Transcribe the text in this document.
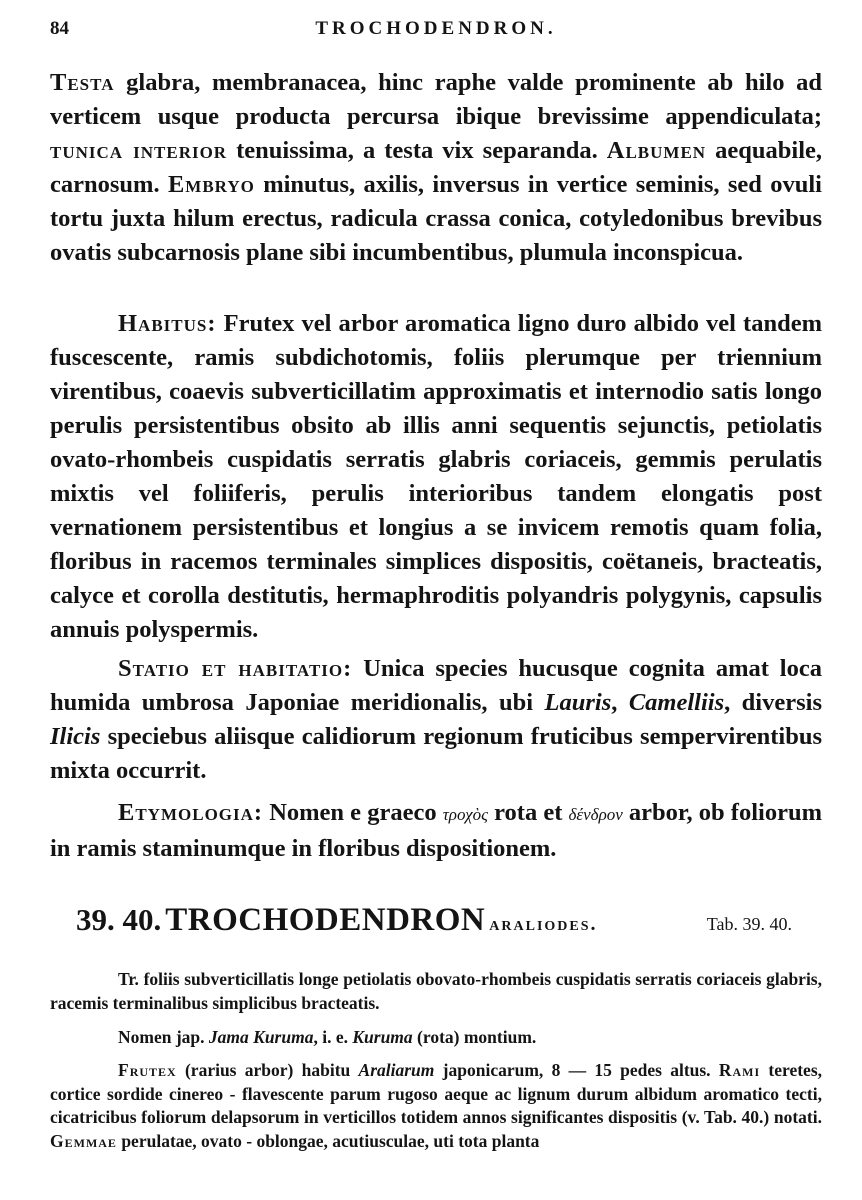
84	TROCHODENDRON.
Testa glabra, membranacea, hinc raphe valde prominente ab hilo ad verticem usque producta percursa ibique brevissime appendiculata; tunica interior tenuissima, a testa vix separanda. Albumen aequabile, carnosum. Embryo minutus, axilis, inversus in vertice seminis, sed ovuli tortu juxta hilum erectus, radicula crassa conica, cotyledonibus brevibus ovatis subcarnosis plane sibi incumbentibus, plumula inconspicua.
Habitus: Frutex vel arbor aromatica ligno duro albido vel tandem fuscescente, ramis subdichotomis, foliis plerumque per triennium virentibus, coaevis subverticillatim approximatis et internodio satis longo perulis persistentibus obsito ab illis anni sequentis sejunctis, petiolatis ovato-rhombeis cuspidatis serratis glabris coriaceis, gemmis perulatis mixtis vel foliiferis, perulis interioribus tandem elongatis post vernationem persistentibus et longius a se invicem remotis quam folia, floribus in racemos terminales simplices dispositis, coëtaneis, bracteatis, calyce et corolla destitutis, hermaphroditis polyandris polygynis, capsulis annuis polyspermis.
Statio et habitatio: Unica species hucusque cognita amat loca humida umbrosa Japoniae meridionalis, ubi Lauris, Camelliis, diversis Ilicis speciebus aliisque calidiorum regionum fruticibus sempervirentibus mixta occurrit.
Etymologia: Nomen e graeco τροχὸς rota et δένδρον arbor, ob foliorum in ramis staminumque in floribus dispositionem.
39. 40. TROCHODENDRON araliodes.	Tab. 39. 40.
Tr. foliis subverticillatis longe petiolatis obovato-rhombeis cuspidatis serratis coriaceis glabris, racemis terminalibus simplicibus bracteatis.
Nomen jap. Jama Kuruma, i. e. Kuruma (rota) montium.
Frutex (rarius arbor) habitu Araliarum japonicarum, 8 — 15 pedes altus. Rami teretes, cortice sordide cinereo - flavescente parum rugoso aeque ac lignum durum albidum aromatico tecti, cicatricibus foliorum delapsorum in verticillos totidem annos significantes dispositis (v. Tab. 40.) notati. Gemmae perulatae, ovato - oblongae, acutiusculae, uti tota planta
